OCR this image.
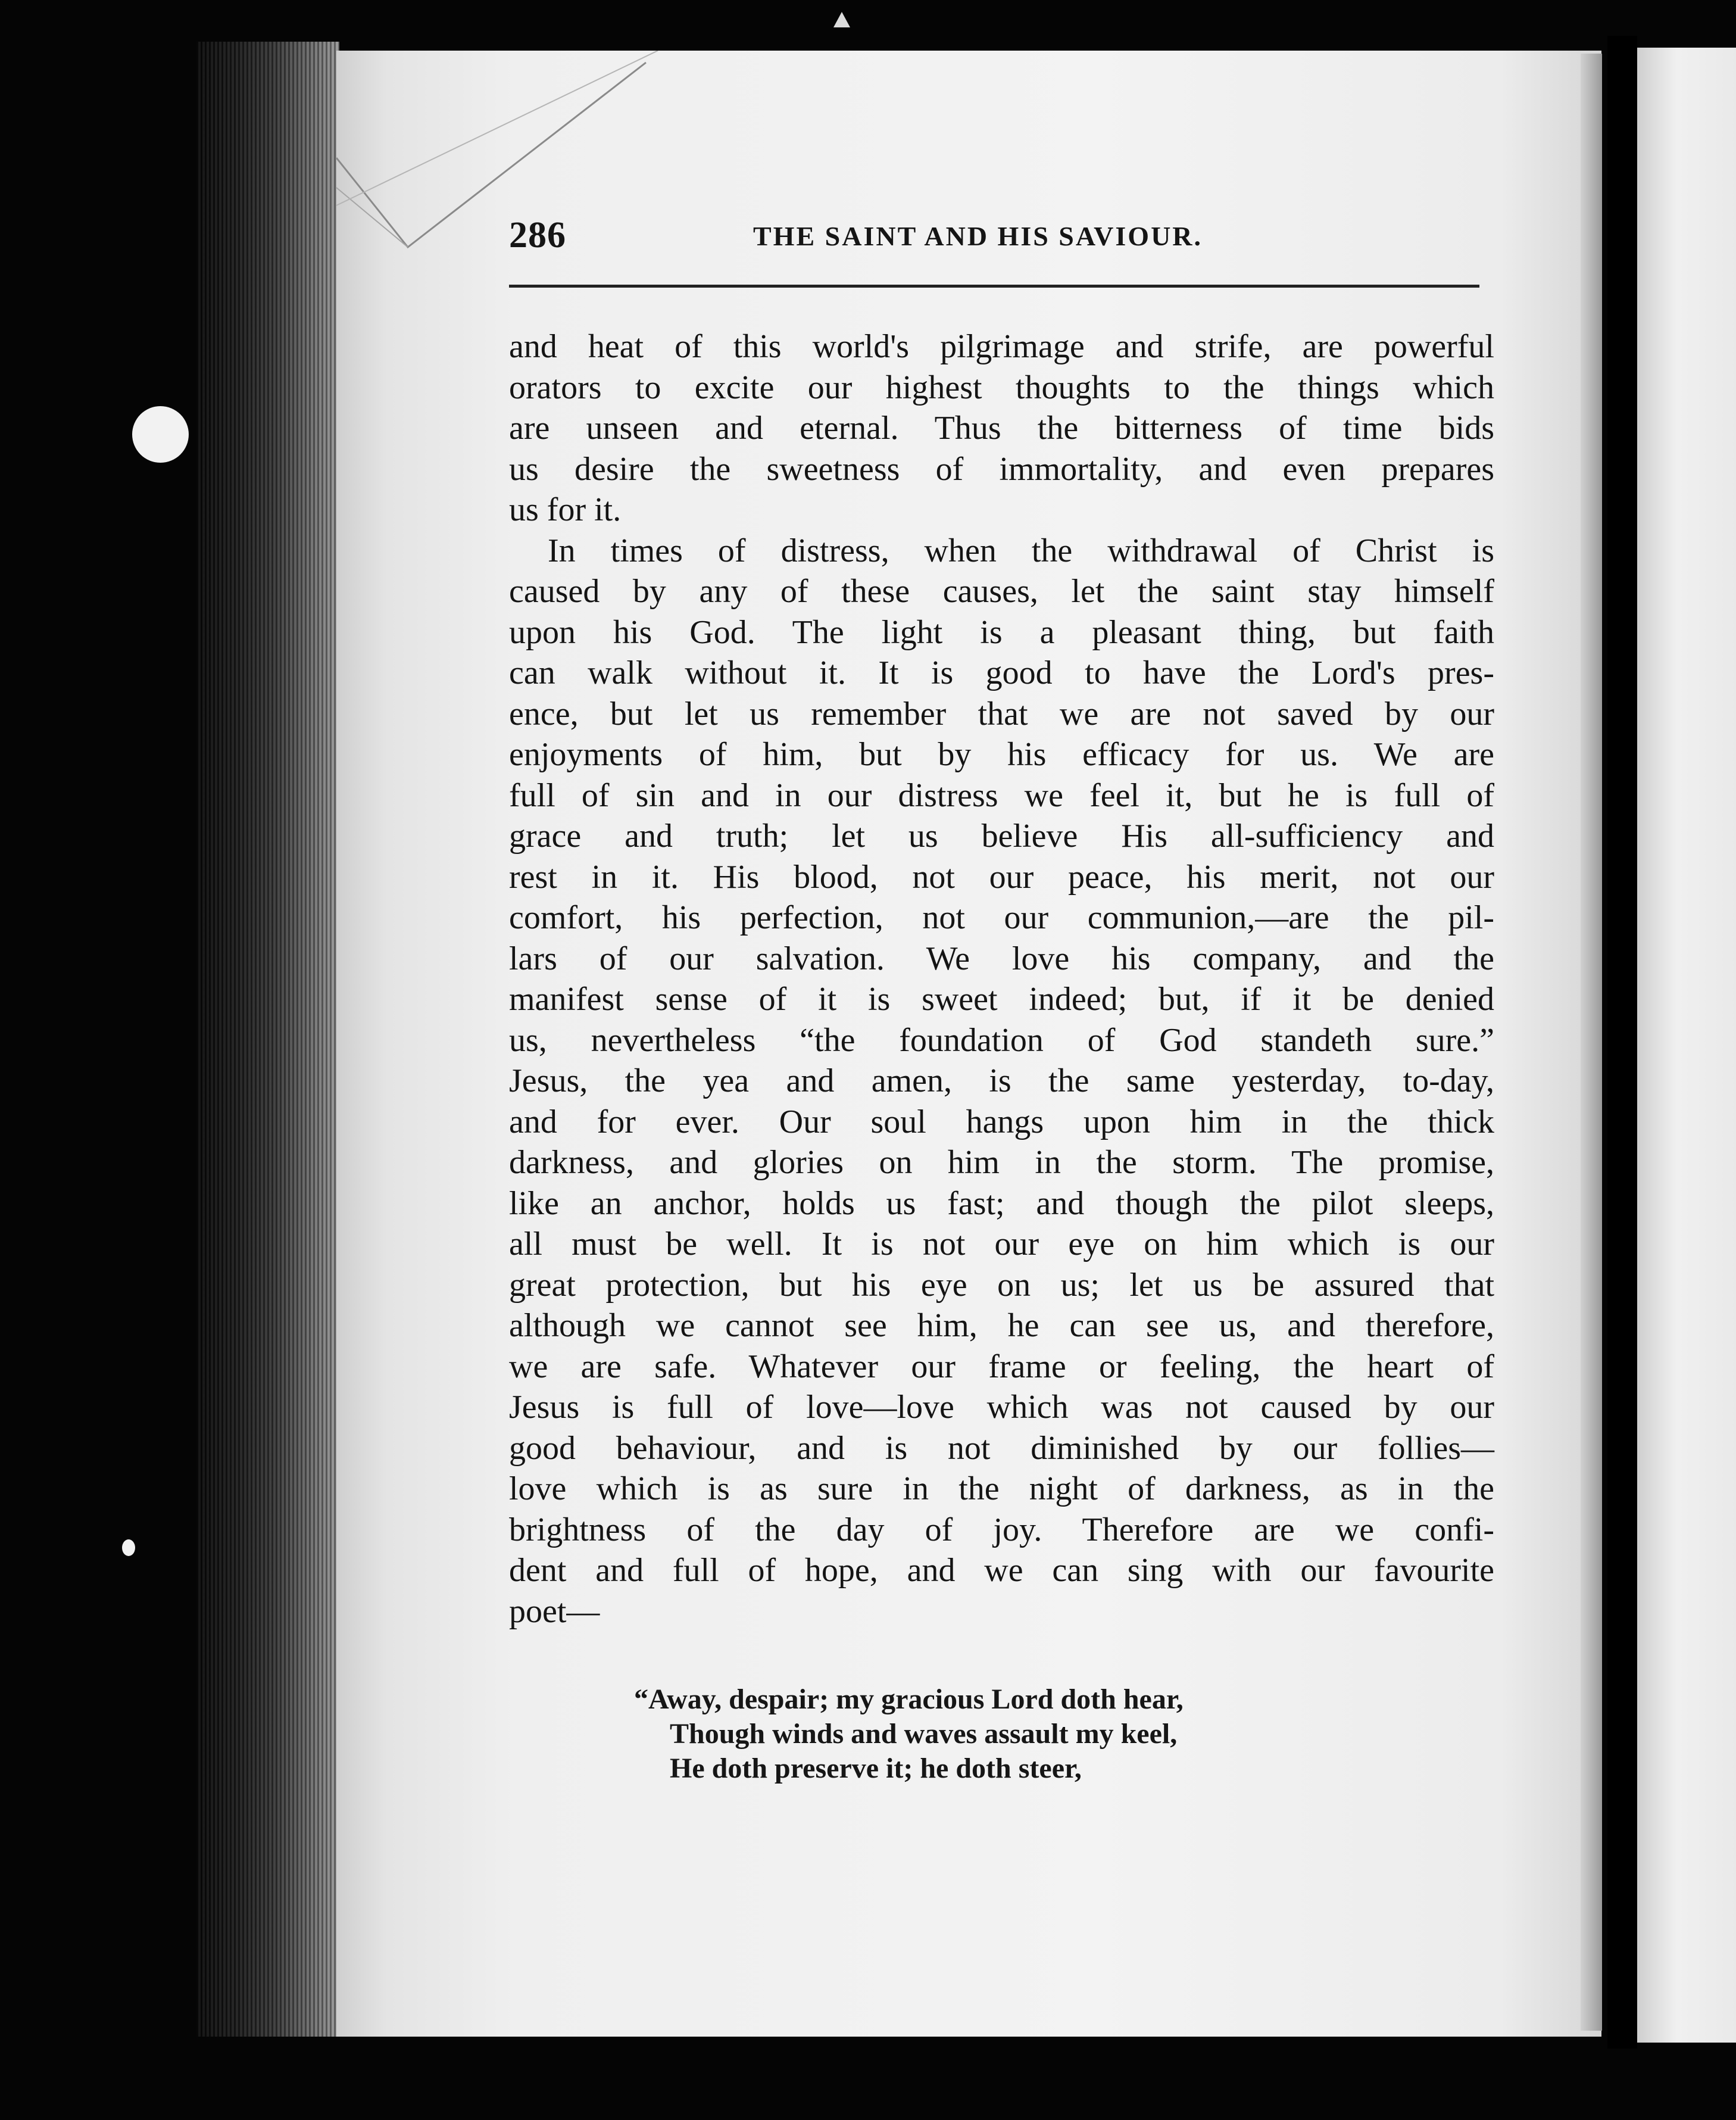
286	THE SAINT AND HIS SAVIOUR.
and heat of this world's pilgrimage and strife, are powerful
orators to excite our highest thoughts to the things which
are unseen and eternal. Thus the bitterness of time bids
us desire the sweetness of immortality, and even prepares
us for it.
In times of distress, when the withdrawal of Christ is
caused by any of these causes, let the saint stay himself
upon his God. The light is a pleasant thing, but faith
can walk without it. It is good to have the Lord's pres-
ence, but let us remember that we are not saved by our
enjoyments of him, but by his efficacy for us. We are
full of sin and in our distress we feel it, but he is full of
grace and truth; let us believe His all-sufficiency and
rest in it. His blood, not our peace, his merit, not our
comfort, his perfection, not our communion,—are the pil-
lars of our salvation. We love his company, and the
manifest sense of it is sweet indeed; but, if it be denied
us, nevertheless “the foundation of God standeth sure.”
Jesus, the yea and amen, is the same yesterday, to-day,
and for ever. Our soul hangs upon him in the thick
darkness, and glories on him in the storm. The promise,
like an anchor, holds us fast; and though the pilot sleeps,
all must be well. It is not our eye on him which is our
great protection, but his eye on us; let us be assured that
although we cannot see him, he can see us, and therefore,
we are safe. Whatever our frame or feeling, the heart of
Jesus is full of love—love which was not caused by our
good behaviour, and is not diminished by our follies—
love which is as sure in the night of darkness, as in the
brightness of the day of joy. Therefore are we confi-
dent and full of hope, and we can sing with our favourite
poet—
“Away, despair; my gracious Lord doth hear,
Though winds and waves assault my keel,
He doth preserve it; he doth steer,
